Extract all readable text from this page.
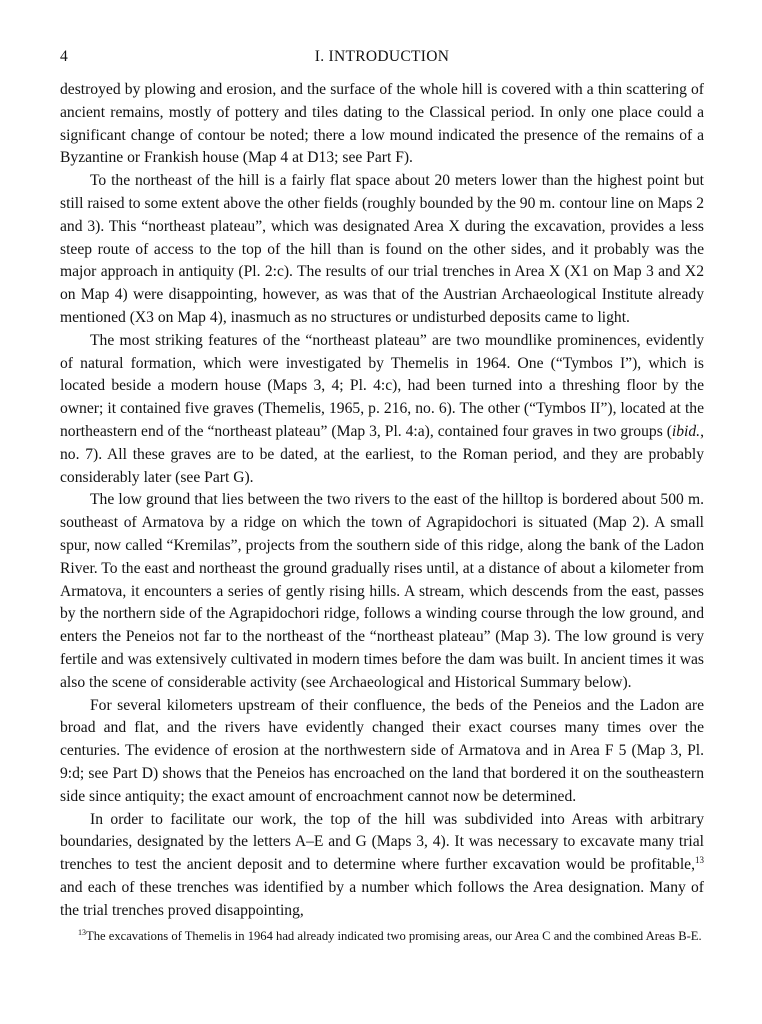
4	I. INTRODUCTION

destroyed by plowing and erosion, and the surface of the whole hill is covered with a thin scattering of ancient remains, mostly of pottery and tiles dating to the Classical period. In only one place could a significant change of contour be noted; there a low mound indicated the presence of the remains of a Byzantine or Frankish house (Map 4 at D13; see Part F).

To the northeast of the hill is a fairly flat space about 20 meters lower than the highest point but still raised to some extent above the other fields (roughly bounded by the 90 m. contour line on Maps 2 and 3). This “northeast plateau”, which was designated Area X during the excavation, provides a less steep route of access to the top of the hill than is found on the other sides, and it probably was the major approach in antiquity (Pl. 2:c). The results of our trial trenches in Area X (X1 on Map 3 and X2 on Map 4) were disappointing, however, as was that of the Austrian Archaeological Institute already mentioned (X3 on Map 4), inasmuch as no structures or undisturbed deposits came to light.

The most striking features of the “northeast plateau” are two moundlike prominences, evidently of natural formation, which were investigated by Themelis in 1964. One (“Tymbos I”), which is located beside a modern house (Maps 3, 4; Pl. 4:c), had been turned into a threshing floor by the owner; it contained five graves (Themelis, 1965, p. 216, no. 6). The other (“Tymbos II”), located at the northeastern end of the “northeast plateau” (Map 3, Pl. 4:a), contained four graves in two groups (ibid., no. 7). All these graves are to be dated, at the earliest, to the Roman period, and they are probably considerably later (see Part G).

The low ground that lies between the two rivers to the east of the hilltop is bordered about 500 m. southeast of Armatova by a ridge on which the town of Agrapidochori is situated (Map 2). A small spur, now called “Kremilas”, projects from the southern side of this ridge, along the bank of the Ladon River. To the east and northeast the ground gradually rises until, at a distance of about a kilometer from Armatova, it encounters a series of gently rising hills. A stream, which descends from the east, passes by the northern side of the Agrapidochori ridge, follows a winding course through the low ground, and enters the Peneios not far to the northeast of the “northeast plateau” (Map 3). The low ground is very fertile and was extensively cultivated in modern times before the dam was built. In ancient times it was also the scene of considerable activity (see Archaeological and Historical Summary below).

For several kilometers upstream of their confluence, the beds of the Peneios and the Ladon are broad and flat, and the rivers have evidently changed their exact courses many times over the centuries. The evidence of erosion at the northwestern side of Armatova and in Area F 5 (Map 3, Pl. 9:d; see Part D) shows that the Peneios has encroached on the land that bordered it on the southeastern side since antiquity; the exact amount of encroachment cannot now be determined.

In order to facilitate our work, the top of the hill was subdivided into Areas with arbitrary boundaries, designated by the letters A–E and G (Maps 3, 4). It was necessary to excavate many trial trenches to test the ancient deposit and to determine where further excavation would be profitable,$^{13}$ and each of these trenches was identified by a number which follows the Area designation. Many of the trial trenches proved disappointing,

$^{13}$The excavations of Themelis in 1964 had already indicated two promising areas, our Area C and the combined Areas B-E.
